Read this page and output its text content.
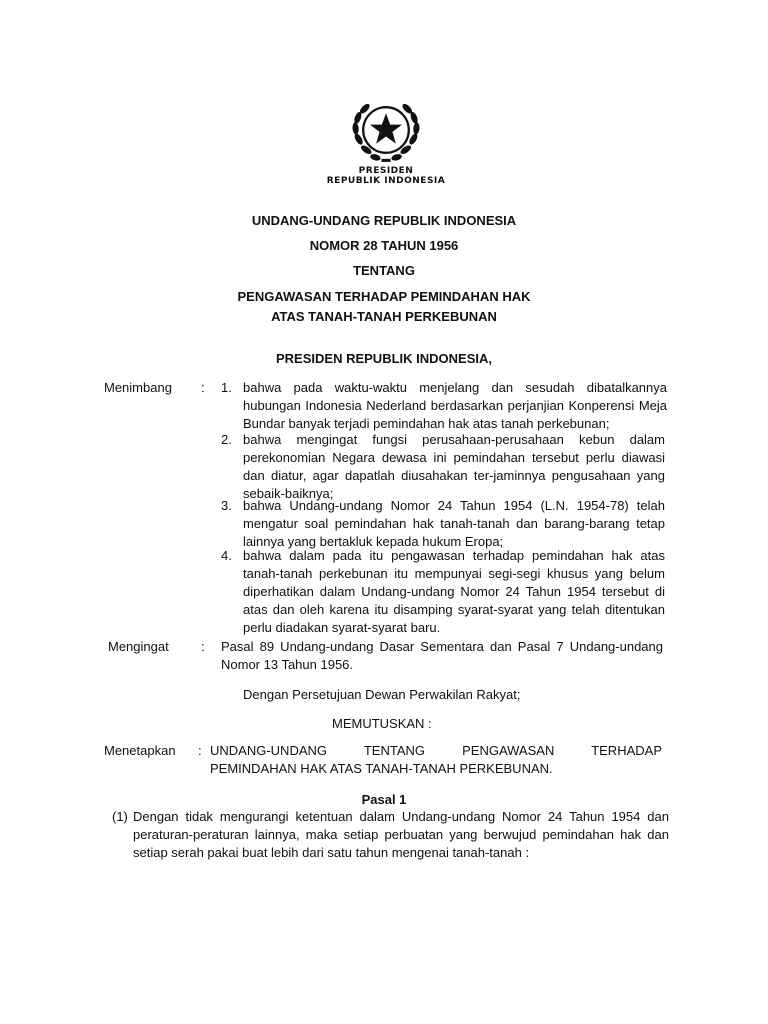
PRESIDEN
REPUBLIK INDONESIA
UNDANG-UNDANG REPUBLIK INDONESIA
NOMOR 28 TAHUN 1956
TENTANG
PENGAWASAN TERHADAP PEMINDAHAN HAK
ATAS TANAH-TANAH PERKEBUNAN
PRESIDEN REPUBLIK INDONESIA,
Menimbang : 1. bahwa pada waktu-waktu menjelang dan sesudah dibatalkannya hubungan Indonesia Nederland berdasarkan perjanjian Konperensi Meja Bundar banyak terjadi pemindahan hak atas tanah perkebunan;
2. bahwa mengingat fungsi perusahaan-perusahaan kebun dalam perekonomian Negara dewasa ini pemindahan tersebut perlu diawasi dan diatur, agar dapatlah diusahakan ter-jaminnya pengusahaan yang sebaik-baiknya;
3. bahwa Undang-undang Nomor 24 Tahun 1954 (L.N. 1954-78) telah mengatur soal pemindahan hak tanah-tanah dan barang-barang tetap lainnya yang bertakluk kepada hukum Eropa;
4. bahwa dalam pada itu pengawasan terhadap pemindahan hak atas tanah-tanah perkebunan itu mempunyai segi-segi khusus yang belum diperhatikan dalam Undang-undang Nomor 24 Tahun 1954 tersebut di atas dan oleh karena itu disamping syarat-syarat yang telah ditentukan perlu diadakan syarat-syarat baru.
Mengingat : Pasal 89 Undang-undang Dasar Sementara dan Pasal 7 Undang-undang Nomor 13 Tahun 1956.
Dengan Persetujuan Dewan Perwakilan Rakyat;
MEMUTUSKAN :
Menetapkan : UNDANG-UNDANG TENTANG PENGAWASAN TERHADAP
PEMINDAHAN HAK ATAS TANAH-TANAH PERKEBUNAN.
Pasal 1
(1) Dengan tidak mengurangi ketentuan dalam Undang-undang Nomor 24 Tahun 1954 dan peraturan-peraturan lainnya, maka setiap perbuatan yang berwujud pemindahan hak dan setiap serah pakai buat lebih dari satu tahun mengenai tanah-tanah :
